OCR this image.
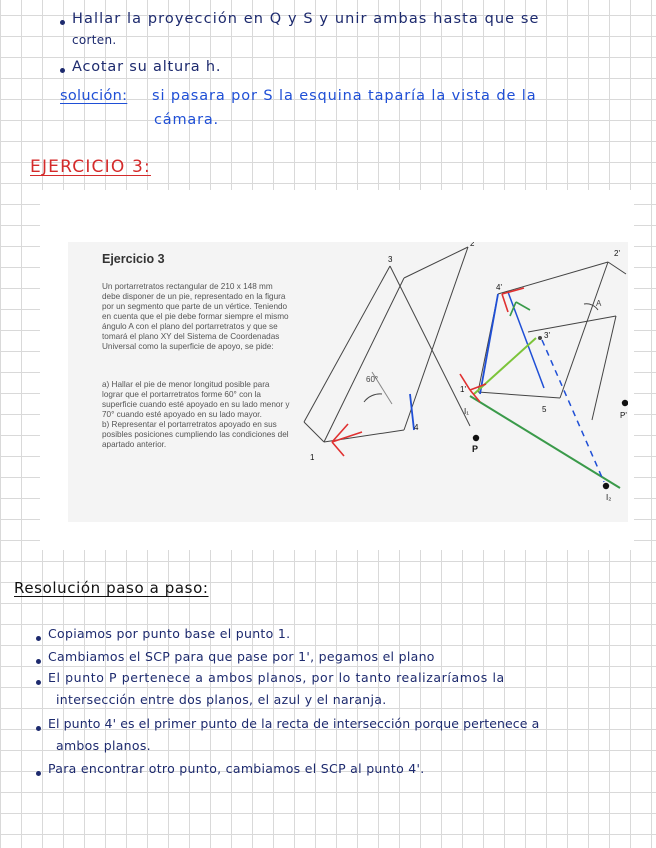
Hallar la proyección en Q y S y unir ambas hasta que se
corten.
Acotar su altura h.
solución: si pasara por S la esquina taparía la vista de la
cámara.
EJERCICIO 3:
Ejercicio 3
Un portarretratos rectangular de 210 x 148 mm
debe disponer de un pie, representado en la figura
por un segmento que parte de un vértice. Teniendo
en cuenta que el pie debe formar siempre el mismo
ángulo A con el plano del portarretratos y que se
tomará el plano XY del Sistema de Coordenadas
Universal como la superficie de apoyo, se pide:
a) Hallar el pie de menor longitud posible para
lograr que el portarretratos forme 60° con la
superficie cuando esté apoyado en su lado menor y
70° cuando esté apoyado en su lado mayor.
b) Representar el portarretratos apoyado en sus
posibles posiciones cumpliendo las condiciones del
apartado anterior.
60°
A
P
P'
I₂
I₁
4
4'
3
2
1
3'
2'
5
1'
Resolución paso a paso:
Copiamos por punto base el punto 1.
Cambiamos el SCP para que pase por 1', pegamos el plano
El punto P pertenece a ambos planos, por lo tanto realizaríamos la
intersección entre dos planos, el azul y el naranja.
El punto 4' es el primer punto de la recta de intersección porque pertenece a
ambos planos.
Para encontrar otro punto, cambiamos el SCP al punto 4'.
